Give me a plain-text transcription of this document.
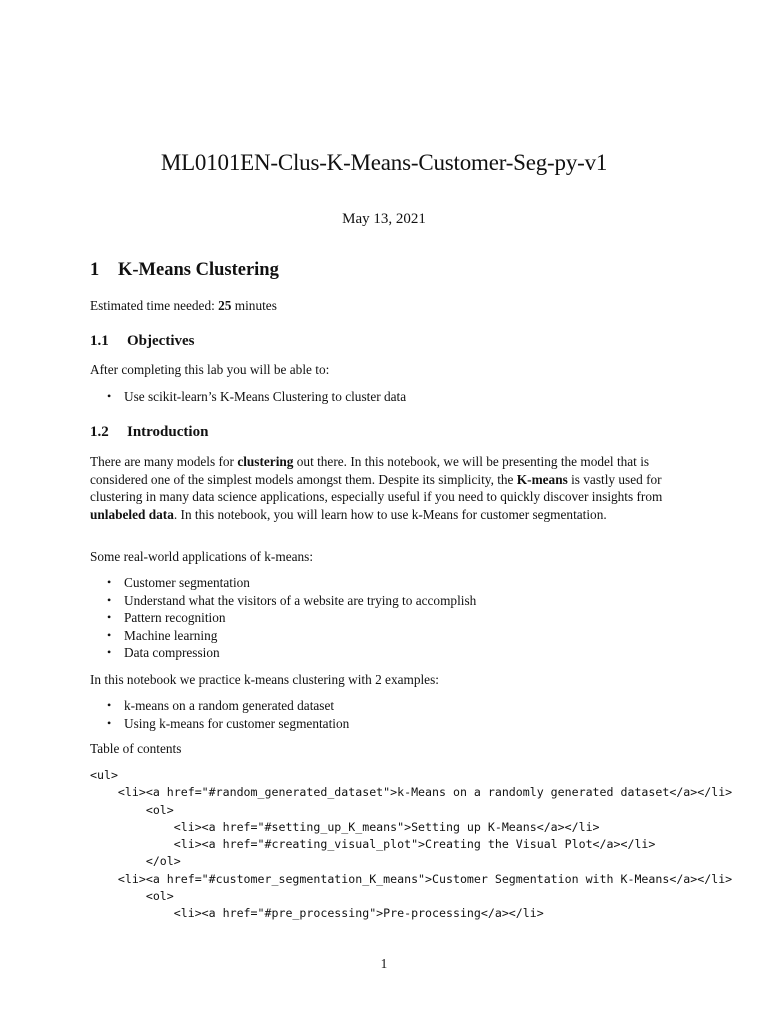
ML0101EN-Clus-K-Means-Customer-Seg-py-v1
May 13, 2021
1 K-Means Clustering
Estimated time needed: 25 minutes
1.1 Objectives
After completing this lab you will be able to:
• Use scikit-learn’s K-Means Clustering to cluster data
1.2 Introduction
There are many models for clustering out there. In this notebook, we will be presenting the model that is considered one of the simplest models amongst them. Despite its simplicity, the K-means is vastly used for clustering in many data science applications, especially useful if you need to quickly discover insights from unlabeled data. In this notebook, you will learn how to use k-Means for customer segmentation.
Some real-world applications of k-means:
• Customer segmentation
• Understand what the visitors of a website are trying to accomplish
• Pattern recognition
• Machine learning
• Data compression
In this notebook we practice k-means clustering with 2 examples:
• k-means on a random generated dataset
• Using k-means for customer segmentation
Table of contents
<ul>
<li><a href="#random_generated_dataset">k-Means on a randomly generated dataset</a></li>
<ol>
<li><a href="#setting_up_K_means">Setting up K-Means</a></li>
<li><a href="#creating_visual_plot">Creating the Visual Plot</a></li>
</ol>
<li><a href="#customer_segmentation_K_means">Customer Segmentation with K-Means</a></li>
<ol>
<li><a href="#pre_processing">Pre-processing</a></li>
1
